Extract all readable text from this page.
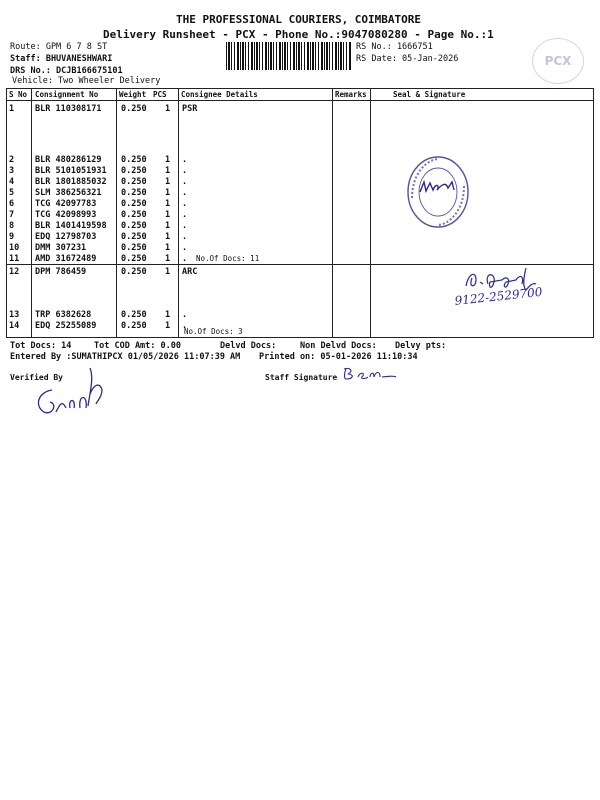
THE PROFESSIONAL COURIERS, COIMBATORE
Delivery Runsheet - PCX - Phone No.:9047080280 - Page No.:1
Route: GPM 6 7 8 ST
Staff: BHUVANESHWARI
DRS No.: DCJB166675101
Vehicle: Two Wheeler Delivery
RS No.: 1666751
RS Date: 05-Jan-2026	PCX
S No Consignment No	Weight PCS Consignee Details	Remarks	Seal & Signature
1 BLR 110308171 0.250 1 PSR
2 BLR 480286129 0.250 1 .
3 BLR 5101051931 0.250 1 .
4 BLR 1801885032 0.250 1 .
5 SLM 386256321 0.250 1 .
6 TCG 42097783	0.250 1 .
7 TCG 42098993	0.250 1 .
8 BLR 1401419598 0.250 1 .
9 EDQ 12798703	0.250 1 .
10 DMM 307231	0.250 1 .
11 AMD 31672489	0.250 1 .
12 DPM 786459	0.250 1 ARC
13 TRP 6382628	0.250 1 .
14 EDQ 25255089	0.250 1 .
No.Of Docs: 11
No.Of Docs: 3
Tot Docs: 14	Tot COD Amt: 0.00	Delvd Docs:	Non Delvd Docs: Delvy pts:
Entered By :SUMATHIPCX 01/05/2026 11:07:39 AM Printed on: 05-01-2026 11:10:34
Verified By	Staff Signature
9122-2529700
